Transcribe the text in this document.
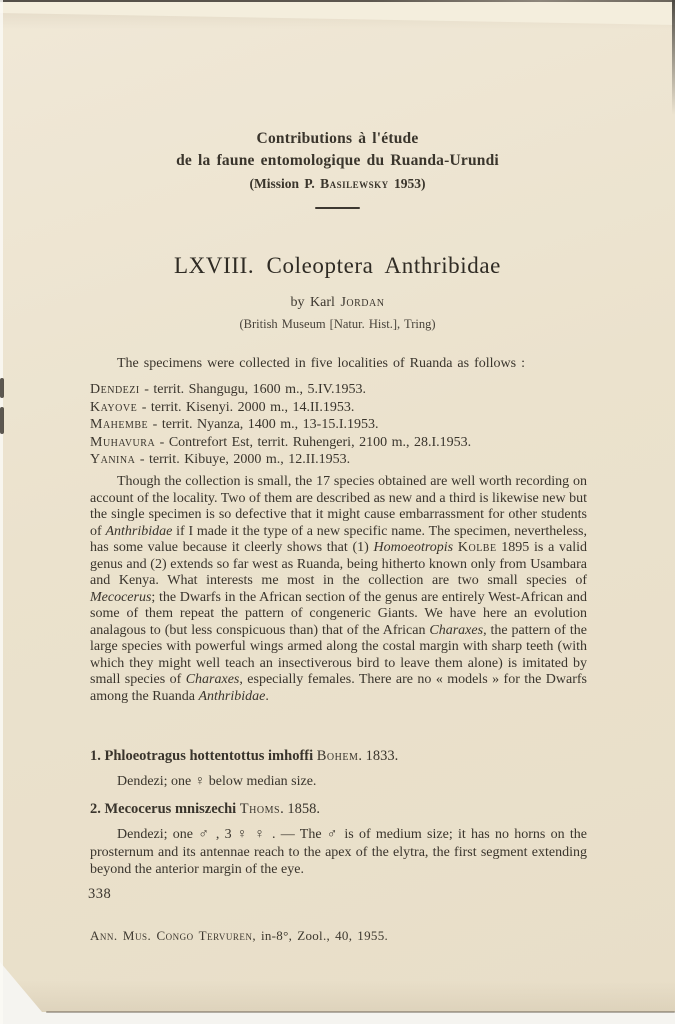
Contributions à l'étude
de la faune entomologique du Ruanda-Urundi
(Mission P. Basilewsky 1953)
LXVIII. Coleoptera Anthribidae
by Karl Jordan
(British Museum [Natur. Hist.], Tring)
The specimens were collected in five localities of Ruanda as follows :
Dendezi - territ. Shangugu, 1600 m., 5.IV.1953.
Kayove - territ. Kisenyi. 2000 m., 14.II.1953.
Mahembe - territ. Nyanza, 1400 m., 13-15.I.1953.
Muhavura - Contrefort Est, territ. Ruhengeri, 2100 m., 28.I.1953.
Yanina - territ. Kibuye, 2000 m., 12.II.1953.
Though the collection is small, the 17 species obtained are well worth recording on account of the locality. Two of them are described as new and a third is likewise new but the single specimen is so defective that it might cause embarrassment for other students of Anthribidae if I made it the type of a new specific name. The specimen, nevertheless, has some value because it cleerly shows that (1) Homoeotropis Kolbe 1895 is a valid genus and (2) extends so far west as Ruanda, being hitherto known only from Usambara and Kenya. What interests me most in the collection are two small species of Mecocerus; the Dwarfs in the African section of the genus are entirely West-African and some of them repeat the pattern of congeneric Giants. We have here an evolution analagous to (but less conspicuous than) that of the African Charaxes, the pattern of the large species with powerful wings armed along the costal margin with sharp teeth (with which they might well teach an insectiverous bird to leave them alone) is imitated by small species of Charaxes, especially females. There are no « models » for the Dwarfs among the Ruanda Anthribidae.
1. Phloeotragus hottentottus imhoffi Bohem. 1833.
Dendezi; one ♀ below median size.
2. Mecocerus mniszechi Thoms. 1858.
Dendezi; one ♂ , 3 ♀ ♀ . — The ♂ is of medium size; it has no horns on the prosternum and its antennae reach to the apex of the elytra, the first segment extending beyond the anterior margin of the eye.
338
Ann. Mus. Congo Tervuren, in-8°, Zool., 40, 1955.
